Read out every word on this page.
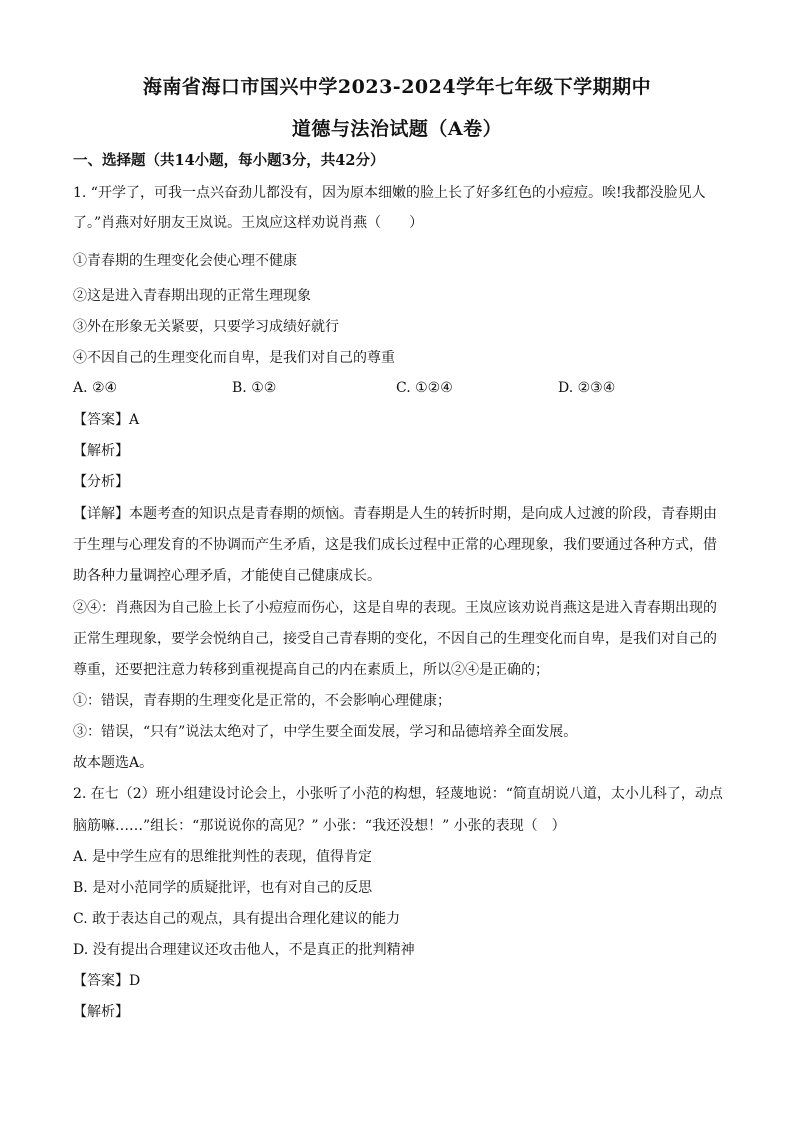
海南省海口市国兴中学2023-2024学年七年级下学期期中
道德与法治试题（A卷）
一、选择题（共14小题，每小题3分，共42分）
1. “开学了，可我一点兴奋劲儿都没有，因为原本细嫩的脸上长了好多红色的小痘痘。唉!我都没脸见人
了。”肖燕对好朋友王岚说。王岚应这样劝说肖燕（　　）
①青春期的生理变化会使心理不健康
②这是进入青春期出现的正常生理现象
③外在形象无关紧要，只要学习成绩好就行
④不因自己的生理变化而自卑，是我们对自己的尊重
A. ②④	B. ①②	C. ①②④	D. ②③④
【答案】A
【解析】
【分析】
【详解】本题考查的知识点是青春期的烦恼。青春期是人生的转折时期，是向成人过渡的阶段，青春期由
于生理与心理发育的不协调而产生矛盾，这是我们成长过程中正常的心理现象，我们要通过各种方式，借
助各种力量调控心理矛盾，才能使自己健康成长。
②④：肖燕因为自己脸上长了小痘痘而伤心，这是自卑的表现。王岚应该劝说肖燕这是进入青春期出现的
正常生理现象，要学会悦纳自己，接受自己青春期的变化，不因自己的生理变化而自卑，是我们对自己的
尊重，还要把注意力转移到重视提高自己的内在素质上，所以②④是正确的；
①：错误，青春期的生理变化是正常的，不会影响心理健康；
③：错误，“只有”说法太绝对了，中学生要全面发展，学习和品德培养全面发展。
故本题选A。
2. 在七（2）班小组建设讨论会上，小张听了小范的构想，轻蔑地说：“简直胡说八道，太小儿科了，动点
脑筋嘛……”组长：“那说说你的高见？” 小张：“我还没想！” 小张的表现（　）
A. 是中学生应有的思维批判性的表现，值得肯定
B. 是对小范同学的质疑批评，也有对自己的反思
C. 敢于表达自己的观点，具有提出合理化建议的能力
D. 没有提出合理建议还攻击他人，不是真正的批判精神
【答案】D
【解析】
